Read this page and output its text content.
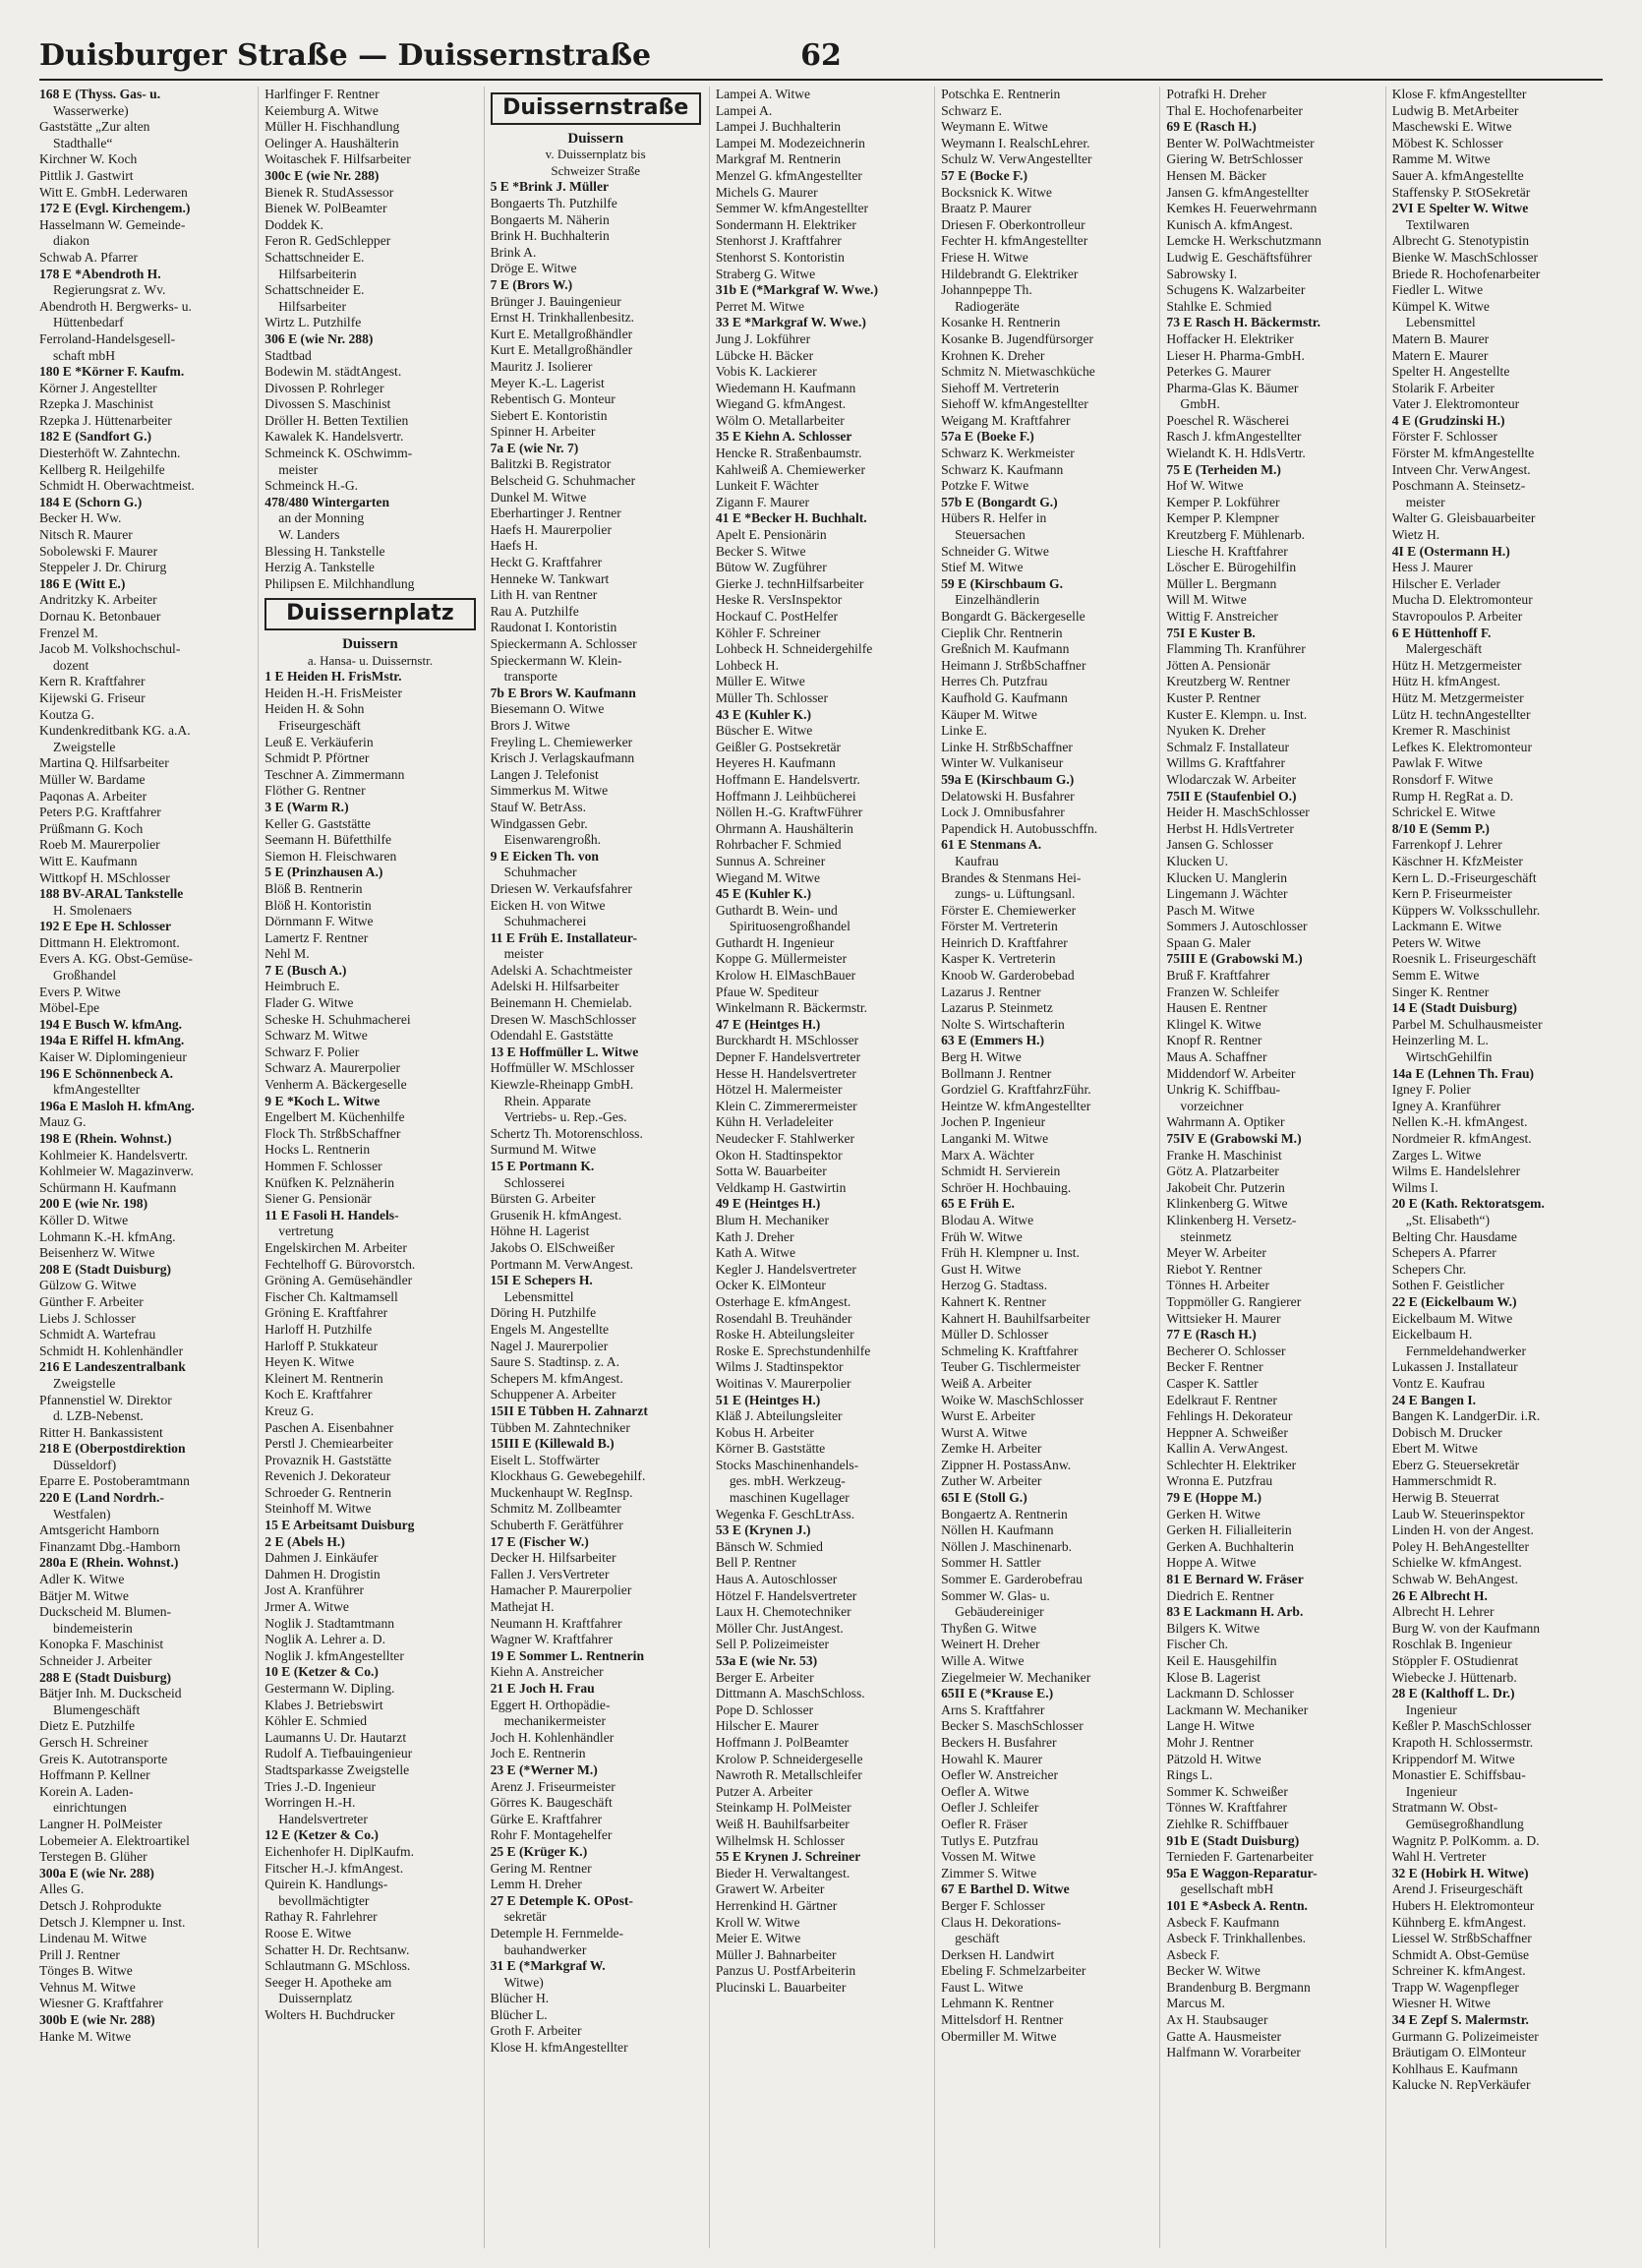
Duisburger Straße — Duissernstraße	62
168 E (Thyss. Gas- u.
Wasserwerke)
Gaststätte „Zur alten
Stadthalle“
Kirchner W. Koch
Pittlik J. Gastwirt
Witt E. GmbH. Lederwaren
172 E (Evgl. Kirchengem.)
Hasselmann W. Gemeinde-
diakon
Schwab A. Pfarrer
178 E *Abendroth H.
Regierungsrat z. Wv.
Abendroth H. Bergwerks- u.
Hüttenbedarf
Ferroland-Handelsgesell-
schaft mbH
180 E *Körner F. Kaufm.
Körner J. Angestellter
Rzepka J. Maschinist
Rzepka J. Hüttenarbeiter
182 E (Sandfort G.)
Diesterhöft W. Zahntechn.
Kellberg R. Heilgehilfe
Schmidt H. Oberwachtmeist.
184 E (Schorn G.)
Becker H. Ww.
Nitsch R. Maurer
Sobolewski F. Maurer
Steppeler J. Dr. Chirurg
186 E (Witt E.)
Andritzky K. Arbeiter
Dornau K. Betonbauer
Frenzel M.
Jacob M. Volkshochschul-
dozent
Kern R. Kraftfahrer
Kijewski G. Friseur
Koutza G.
Kundenkreditbank KG. a.A.
Zweigstelle
Martina Q. Hilfsarbeiter
Müller W. Bardame
Paqonas A. Arbeiter
Peters P.G. Kraftfahrer
Prüßmann G. Koch
Roeb M. Maurerpolier
Witt E. Kaufmann
Wittkopf H. MSchlosser
188 BV-ARAL Tankstelle
H. Smolenaers
192 E Epe H. Schlosser
Dittmann H. Elektromont.
Evers A. KG. Obst-Gemüse-
Großhandel
Evers P. Witwe
Möbel-Epe
194 E Busch W. kfmAng.
194a E Riffel H. kfmAng.
Kaiser W. Diplomingenieur
196 E Schönnenbeck A.
kfmAngestellter
196a E Masloh H. kfmAng.
Mauz G.
198 E (Rhein. Wohnst.)
Kohlmeier K. Handelsvertr.
Kohlmeier W. Magazinverw.
Schürmann H. Kaufmann
200 E (wie Nr. 198)
Köller D. Witwe
Lohmann K.-H. kfmAng.
Beisenherz W. Witwe
208 E (Stadt Duisburg)
Gülzow G. Witwe
Günther F. Arbeiter
Liebs J. Schlosser
Schmidt A. Wartefrau
Schmidt H. Kohlenhändler
216 E Landeszentralbank
Zweigstelle
Pfannenstiel W. Direktor
d. LZB-Nebenst.
Ritter H. Bankassistent
218 E (Oberpostdirektion
Düsseldorf)
Eparre E. Postoberamtmann
220 E (Land Nordrh.-
Westfalen)
Amtsgericht Hamborn
Finanzamt Dbg.-Hamborn
280a E (Rhein. Wohnst.)
Adler K. Witwe
Bätjer M. Witwe
Duckscheid M. Blumen-
bindemeisterin
Konopka F. Maschinist
Schneider J. Arbeiter
288 E (Stadt Duisburg)
Bätjer Inh. M. Duckscheid
Blumengeschäft
Dietz E. Putzhilfe
Gersch H. Schreiner
Greis K. Autotransporte
Hoffmann P. Kellner
Korein A. Laden-
einrichtungen
Langner H. PolMeister
Lobemeier A. Elektroartikel
Terstegen B. Glüher
300a E (wie Nr. 288)
Alles G.
Detsch J. Rohprodukte
Detsch J. Klempner u. Inst.
Lindenau M. Witwe
Prill J. Rentner
Tönges B. Witwe
Vehnus M. Witwe
Wiesner G. Kraftfahrer
300b E (wie Nr. 288)
Hanke M. Witwe
Harlfinger F. Rentner
Keiemburg A. Witwe
Müller H. Fischhandlung
Oelinger A. Haushälterin
Woitaschek F. Hilfsarbeiter
300c E (wie Nr. 288)
Bienek R. StudAssessor
Bienek W. PolBeamter
Doddek K.
Feron R. GedSchlepper
Schattschneider E.
Hilfsarbeiterin
Schattschneider E.
Hilfsarbeiter
Wirtz L. Putzhilfe
306 E (wie Nr. 288)
Stadtbad
Bodewin M. städtAngest.
Divossen P. Rohrleger
Divossen S. Maschinist
Dröller H. Betten Textilien
Kawalek K. Handelsvertr.
Schmeinck K. OSchwimm-
meister
Schmeinck H.-G.
478/480 Wintergarten
an der Monning
W. Landers
Blessing H. Tankstelle
Herzig A. Tankstelle
Philipsen E. Milchhandlung
Duissernplatz
Duissern
a. Hansa- u. Duissernstr.
1 E Heiden H. FrisMstr.
Heiden H.-H. FrisMeister
Heiden H. & Sohn
Friseurgeschäft
Leuß E. Verkäuferin
Schmidt P. Pförtner
Teschner A. Zimmermann
Flöther G. Rentner
3 E (Warm R.)
Keller G. Gaststätte
Seemann H. Büfetthilfe
Siemon H. Fleischwaren
5 E (Prinzhausen A.)
Blöß B. Rentnerin
Blöß H. Kontoristin
Dörnmann F. Witwe
Lamertz F. Rentner
Nehl M.
7 E (Busch A.)
Heimbruch E.
Flader G. Witwe
Scheske H. Schuhmacherei
Schwarz M. Witwe
Schwarz F. Polier
Schwarz A. Maurerpolier
Venherm A. Bäckergeselle
9 E *Koch L. Witwe
Engelbert M. Küchenhilfe
Flock Th. StrßbSchaffner
Hocks L. Rentnerin
Hommen F. Schlosser
Knüfken K. Pelznäherin
Siener G. Pensionär
11 E Fasoli H. Handels-
vertretung
Engelskirchen M. Arbeiter
Fechtelhoff G. Bürovorstch.
Gröning A. Gemüsehändler
Fischer Ch. Kaltmamsell
Gröning E. Kraftfahrer
Harloff H. Putzhilfe
Harloff P. Stukkateur
Heyen K. Witwe
Kleinert M. Rentnerin
Koch E. Kraftfahrer
Kreuz G.
Paschen A. Eisenbahner
Perstl J. Chemiearbeiter
Provaznik H. Gaststätte
Revenich J. Dekorateur
Schroeder G. Rentnerin
Steinhoff M. Witwe
15 E Arbeitsamt Duisburg
2 E (Abels H.)
Dahmen J. Einkäufer
Dahmen H. Drogistin
Jost A. Kranführer
Jrmer A. Witwe
Noglik J. Stadtamtmann
Noglik A. Lehrer a. D.
Noglik J. kfmAngestellter
10 E (Ketzer & Co.)
Gestermann W. Dipling.
Klabes J. Betriebswirt
Köhler E. Schmied
Laumanns U. Dr. Hautarzt
Rudolf A. Tiefbauingenieur
Stadtsparkasse Zweigstelle
Tries J.-D. Ingenieur
Worringen H.-H.
Handelsvertreter
12 E (Ketzer & Co.)
Eichenhofer H. DiplKaufm.
Fitscher H.-J. kfmAngest.
Quirein K. Handlungs-
bevollmächtigter
Rathay R. Fahrlehrer
Roose E. Witwe
Schatter H. Dr. Rechtsanw.
Schlautmann G. MSchloss.
Seeger H. Apotheke am
Duissernplatz
Wolters H. Buchdrucker
Duissernstraße
Duissern
v. Duissernplatz bis
Schweizer Straße
5 E *Brink J. Müller
Bongaerts Th. Putzhilfe
Bongaerts M. Näherin
Brink H. Buchhalterin
Brink A.
Dröge E. Witwe
7 E (Brors W.)
Brünger J. Bauingenieur
Ernst H. Trinkhallenbesitz.
Kurt E. Metallgroßhändler
Kurt E. Metallgroßhändler
Mauritz J. Isolierer
Meyer K.-L. Lagerist
Rebentisch G. Monteur
Siebert E. Kontoristin
Spinner H. Arbeiter
7a E (wie Nr. 7)
Balitzki B. Registrator
Belscheid G. Schuhmacher
Dunkel M. Witwe
Eberhartinger J. Rentner
Haefs H. Maurerpolier
Haefs H.
Heckt G. Kraftfahrer
Henneke W. Tankwart
Lith H. van Rentner
Rau A. Putzhilfe
Raudonat I. Kontoristin
Spieckermann A. Schlosser
Spieckermann W. Klein-
transporte
7b E Brors W. Kaufmann
Biesemann O. Witwe
Brors J. Witwe
Freyling L. Chemiewerker
Krisch J. Verlagskaufmann
Langen J. Telefonist
Simmerkus M. Witwe
Stauf W. BetrAss.
Windgassen Gebr.
Eisenwarengroßh.
9 E Eicken Th. von
Schuhmacher
Driesen W. Verkaufsfahrer
Eicken H. von Witwe
Schuhmacherei
11 E Früh E. Installateur-
meister
Adelski A. Schachtmeister
Adelski H. Hilfsarbeiter
Beinemann H. Chemielab.
Dresen W. MaschSchlosser
Odendahl E. Gaststätte
13 E Hoffmüller L. Witwe
Hoffmüller W. MSchlosser
Kiewzle-Rheinapp GmbH.
Rhein. Apparate
Vertriebs- u. Rep.-Ges.
Schertz Th. Motorenschloss.
Surmund M. Witwe
15 E Portmann K.
Schlosserei
Bürsten G. Arbeiter
Grusenik H. kfmAngest.
Höhne H. Lagerist
Jakobs O. ElSchweißer
Portmann M. VerwAngest.
15I E Schepers H.
Lebensmittel
Döring H. Putzhilfe
Engels M. Angestellte
Nagel J. Maurerpolier
Saure S. Stadtinsp. z. A.
Schepers M. kfmAngest.
Schuppener A. Arbeiter
15II E Tübben H. Zahnarzt
Tübben M. Zahntechniker
15III E (Killewald B.)
Eiselt L. Stoffwärter
Klockhaus G. Gewebegehilf.
Muckenhaupt W. RegInsp.
Schmitz M. Zollbeamter
Schuberth F. Gerätführer
17 E (Fischer W.)
Decker H. Hilfsarbeiter
Fallen J. VersVertreter
Hamacher P. Maurerpolier
Mathejat H.
Neumann H. Kraftfahrer
Wagner W. Kraftfahrer
19 E Sommer L. Rentnerin
Kiehn A. Anstreicher
21 E Joch H. Frau
Eggert H. Orthopädie-
mechanikermeister
Joch H. Kohlenhändler
Joch E. Rentnerin
23 E (*Werner M.)
Arenz J. Friseurmeister
Görres K. Baugeschäft
Gürke E. Kraftfahrer
Rohr F. Montagehelfer
25 E (Krüger K.)
Gering M. Rentner
Lemm H. Dreher
27 E Detemple K. OPost-
sekretär
Detemple H. Fernmelde-
bauhandwerker
31 E (*Markgraf W.
Witwe)
Blücher H.
Blücher L.
Groth F. Arbeiter
Klose H. kfmAngestellter
Lampei A. Witwe
Lampei A.
Lampei J. Buchhalterin
Lampei M. Modezeichnerin
Markgraf M. Rentnerin
Menzel G. kfmAngestellter
Michels G. Maurer
Semmer W. kfmAngestellter
Sondermann H. Elektriker
Stenhorst J. Kraftfahrer
Stenhorst S. Kontoristin
Straberg G. Witwe
31b E (*Markgraf W. Wwe.)
Perret M. Witwe
33 E *Markgraf W. Wwe.)
Jung J. Lokführer
Lübcke H. Bäcker
Vobis K. Lackierer
Wiedemann H. Kaufmann
Wiegand G. kfmAngest.
Wölm O. Metallarbeiter
35 E Kiehn A. Schlosser
Hencke R. Straßenbaumstr.
Kahlweiß A. Chemiewerker
Lunkeit F. Wächter
Zigann F. Maurer
41 E *Becker H. Buchhalt.
Apelt E. Pensionärin
Becker S. Witwe
Bütow W. Zugführer
Gierke J. technHilfsarbeiter
Heske R. VersInspektor
Hockauf C. PostHelfer
Köhler F. Schreiner
Lohbeck H. Schneidergehilfe
Lohbeck H.
Müller E. Witwe
Müller Th. Schlosser
43 E (Kuhler K.)
Büscher E. Witwe
Geißler G. Postsekretär
Heyeres H. Kaufmann
Hoffmann E. Handelsvertr.
Hoffmann J. Leihbücherei
Nöllen H.-G. KraftwFührer
Ohrmann A. Haushälterin
Rohrbacher F. Schmied
Sunnus A. Schreiner
Wiegand M. Witwe
45 E (Kuhler K.)
Guthardt B. Wein- und
Spirituosengroßhandel
Guthardt H. Ingenieur
Koppe G. Müllermeister
Krolow H. ElMaschBauer
Pfaue W. Spediteur
Winkelmann R. Bäckermstr.
47 E (Heintges H.)
Burckhardt H. MSchlosser
Depner F. Handelsvertreter
Hesse H. Handelsvertreter
Hötzel H. Malermeister
Klein C. Zimmerermeister
Kühn H. Verladeleiter
Neudecker F. Stahlwerker
Okon H. Stadtinspektor
Sotta W. Bauarbeiter
Veldkamp H. Gastwirtin
49 E (Heintges H.)
Blum H. Mechaniker
Kath J. Dreher
Kath A. Witwe
Kegler J. Handelsvertreter
Ocker K. ElMonteur
Osterhage E. kfmAngest.
Rosendahl B. Treuhänder
Roske H. Abteilungsleiter
Roske E. Sprechstundenhilfe
Wilms J. Stadtinspektor
Woitinas V. Maurerpolier
51 E (Heintges H.)
Kläß J. Abteilungsleiter
Kobus H. Arbeiter
Körner B. Gaststätte
Stocks Maschinenhandels-
ges. mbH. Werkzeug-
maschinen Kugellager
Wegenka F. GeschLtrAss.
53 E (Krynen J.)
Bänsch W. Schmied
Bell P. Rentner
Haus A. Autoschlosser
Hötzel F. Handelsvertreter
Laux H. Chemotechniker
Möller Chr. JustAngest.
Sell P. Polizeimeister
53a E (wie Nr. 53)
Berger E. Arbeiter
Dittmann A. MaschSchloss.
Pope D. Schlosser
Hilscher E. Maurer
Hoffmann J. PolBeamter
Krolow P. Schneidergeselle
Nawroth R. Metallschleifer
Putzer A. Arbeiter
Steinkamp H. PolMeister
Weiß H. Bauhilfsarbeiter
Wilhelmsk H. Schlosser
55 E Krynen J. Schreiner
Bieder H. Verwaltangest.
Grawert W. Arbeiter
Herrenkind H. Gärtner
Kroll W. Witwe
Meier E. Witwe
Müller J. Bahnarbeiter
Panzus U. PostfArbeiterin
Plucinski L. Bauarbeiter
Potschka E. Rentnerin
Schwarz E.
Weymann E. Witwe
Weymann I. RealschLehrer.
Schulz W. VerwAngestellter
57 E (Bocke F.)
Bocksnick K. Witwe
Braatz P. Maurer
Driesen F. Oberkontrolleur
Fechter H. kfmAngestellter
Friese H. Witwe
Hildebrandt G. Elektriker
Johannpeppe Th.
Radiogeräte
Kosanke H. Rentnerin
Kosanke B. Jugendfürsorger
Krohnen K. Dreher
Schmitz N. Mietwaschküche
Siehoff M. Vertreterin
Siehoff W. kfmAngestellter
Weigang M. Kraftfahrer
57a E (Boeke F.)
Schwarz K. Werkmeister
Schwarz K. Kaufmann
Potzke F. Witwe
57b E (Bongardt G.)
Hübers R. Helfer in
Steuersachen
Schneider G. Witwe
Stief M. Witwe
59 E (Kirschbaum G.
Einzelhändlerin
Bongardt G. Bäckergeselle
Cieplik Chr. Rentnerin
Greßnich M. Kaufmann
Heimann J. StrßbSchaffner
Herres Ch. Putzfrau
Kaufhold G. Kaufmann
Käuper M. Witwe
Linke E.
Linke H. StrßbSchaffner
Winter W. Vulkaniseur
59a E (Kirschbaum G.)
Delatowski H. Busfahrer
Lock J. Omnibusfahrer
Papendick H. Autobusschffn.
61 E Stenmans A.
Kaufrau
Brandes & Stenmans Hei-
zungs- u. Lüftungsanl.
Förster E. Chemiewerker
Förster M. Vertreterin
Heinrich D. Kraftfahrer
Kasper K. Vertreterin
Knoob W. Garderobebad
Lazarus J. Rentner
Lazarus P. Steinmetz
Nolte S. Wirtschafterin
63 E (Emmers H.)
Berg H. Witwe
Bollmann J. Rentner
Gordziel G. KraftfahrzFühr.
Heintze W. kfmAngestellter
Jochen P. Ingenieur
Langanki M. Witwe
Marx A. Wächter
Schmidt H. Servierein
Schröer H. Hochbauing.
65 E Früh E.
Blodau A. Witwe
Früh W. Witwe
Früh H. Klempner u. Inst.
Gust H. Witwe
Herzog G. Stadtass.
Kahnert K. Rentner
Kahnert H. Bauhilfsarbeiter
Müller D. Schlosser
Schmeling K. Kraftfahrer
Teuber G. Tischlermeister
Weiß A. Arbeiter
Woike W. MaschSchlosser
Wurst E. Arbeiter
Wurst A. Witwe
Zemke H. Arbeiter
Zippner H. PostassAnw.
Zuther W. Arbeiter
65I E (Stoll G.)
Bongaertz A. Rentnerin
Nöllen H. Kaufmann
Nöllen J. Maschinenarb.
Sommer H. Sattler
Sommer E. Garderobefrau
Sommer W. Glas- u.
Gebäudereiniger
Thyßen G. Witwe
Weinert H. Dreher
Wille A. Witwe
Ziegelmeier W. Mechaniker
65II E (*Krause E.)
Arns S. Kraftfahrer
Becker S. MaschSchlosser
Beckers H. Busfahrer
Howahl K. Maurer
Oefler W. Anstreicher
Oefler A. Witwe
Oefler J. Schleifer
Oefler R. Fräser
Tutlys E. Putzfrau
Vossen M. Witwe
Zimmer S. Witwe
67 E Barthel D. Witwe
Berger F. Schlosser
Claus H. Dekorations-
geschäft
Derksen H. Landwirt
Ebeling F. Schmelzarbeiter
Faust L. Witwe
Lehmann K. Rentner
Mittelsdorf H. Rentner
Obermiller M. Witwe
Potrafki H. Dreher
Thal E. Hochofenarbeiter
69 E (Rasch H.)
Benter W. PolWachtmeister
Giering W. BetrSchlosser
Hensen M. Bäcker
Jansen G. kfmAngestellter
Kemkes H. Feuerwehrmann
Kunisch A. kfmAngest.
Lemcke H. Werkschutzmann
Ludwig E. Geschäftsführer
Sabrowsky I.
Schugens K. Walzarbeiter
Stahlke E. Schmied
73 E Rasch H. Bäckermstr.
Hoffacker H. Elektriker
Lieser H. Pharma-GmbH.
Peterkes G. Maurer
Pharma-Glas K. Bäumer
GmbH.
Poeschel R. Wäscherei
Rasch J. kfmAngestellter
Wielandt K. H. HdlsVertr.
75 E (Terheiden M.)
Hof W. Witwe
Kemper P. Lokführer
Kemper P. Klempner
Kreutzberg F. Mühlenarb.
Liesche H. Kraftfahrer
Löscher E. Bürogehilfin
Müller L. Bergmann
Will M. Witwe
Wittig F. Anstreicher
75I E Kuster B.
Flamming Th. Kranführer
Jötten A. Pensionär
Kreutzberg W. Rentner
Kuster P. Rentner
Kuster E. Klempn. u. Inst.
Nyuken K. Dreher
Schmalz F. Installateur
Willms G. Kraftfahrer
Wlodarczak W. Arbeiter
75II E (Staufenbiel O.)
Heider H. MaschSchlosser
Herbst H. HdlsVertreter
Jansen G. Schlosser
Klucken U.
Klucken U. Manglerin
Lingemann J. Wächter
Pasch M. Witwe
Sommers J. Autoschlosser
Spaan G. Maler
75III E (Grabowski M.)
Bruß F. Kraftfahrer
Franzen W. Schleifer
Hausen E. Rentner
Klingel K. Witwe
Knopf R. Rentner
Maus A. Schaffner
Middendorf W. Arbeiter
Unkrig K. Schiffbau-
vorzeichner
Wahrmann A. Optiker
75IV E (Grabowski M.)
Franke H. Maschinist
Götz A. Platzarbeiter
Jakobeit Chr. Putzerin
Klinkenberg G. Witwe
Klinkenberg H. Versetz-
steinmetz
Meyer W. Arbeiter
Riebot Y. Rentner
Tönnes H. Arbeiter
Toppmöller G. Rangierer
Wittsieker H. Maurer
77 E (Rasch H.)
Becherer O. Schlosser
Becker F. Rentner
Casper K. Sattler
Edelkraut F. Rentner
Fehlings H. Dekorateur
Heppner A. Schweißer
Kallin A. VerwAngest.
Schlechter H. Elektriker
Wronna E. Putzfrau
79 E (Hoppe M.)
Gerken H. Witwe
Gerken H. Filialleiterin
Gerken A. Buchhalterin
Hoppe A. Witwe
81 E Bernard W. Fräser
Diedrich E. Rentner
83 E Lackmann H. Arb.
Bilgers K. Witwe
Fischer Ch.
Keil E. Hausgehilfin
Klose B. Lagerist
Lackmann D. Schlosser
Lackmann W. Mechaniker
Lange H. Witwe
Mohr J. Rentner
Pätzold H. Witwe
Rings L.
Sommer K. Schweißer
Tönnes W. Kraftfahrer
Ziehlke R. Schiffbauer
91b E (Stadt Duisburg)
Ternieden F. Gartenarbeiter
95a E Waggon-Reparatur-
gesellschaft mbH
101 E *Asbeck A. Rentn.
Asbeck F. Kaufmann
Asbeck F. Trinkhallenbes.
Asbeck F.
Becker W. Witwe
Brandenburg B. Bergmann
Marcus M.
Ax H. Staubsauger
Gatte A. Hausmeister
Halfmann W. Vorarbeiter
Klose F. kfmAngestellter
Ludwig B. MetArbeiter
Maschewski E. Witwe
Möbest K. Schlosser
Ramme M. Witwe
Sauer A. kfmAngestellte
Staffensky P. StOSekretär
2VI E Spelter W. Witwe
Textilwaren
Albrecht G. Stenotypistin
Bienke W. MaschSchlosser
Briede R. Hochofenarbeiter
Fiedler L. Witwe
Kümpel K. Witwe
Lebensmittel
Matern B. Maurer
Matern E. Maurer
Spelter H. Angestellte
Stolarik F. Arbeiter
Vater J. Elektromonteur
4 E (Grudzinski H.)
Förster F. Schlosser
Förster M. kfmAngestellte
Intveen Chr. VerwAngest.
Poschmann A. Steinsetz-
meister
Walter G. Gleisbauarbeiter
Wietz H.
4I E (Ostermann H.)
Hess J. Maurer
Hilscher E. Verlader
Mucha D. Elektromonteur
Stavropoulos P. Arbeiter
6 E Hüttenhoff F.
Malergeschäft
Hütz H. Metzgermeister
Hütz H. kfmAngest.
Hütz M. Metzgermeister
Lütz H. technAngestellter
Kremer R. Maschinist
Lefkes K. Elektromonteur
Pawlak F. Witwe
Ronsdorf F. Witwe
Rump H. RegRat a. D.
Schrickel E. Witwe
8/10 E (Semm P.)
Farrenkopf J. Lehrer
Käschner H. KfzMeister
Kern L. D.-Friseurgeschäft
Kern P. Friseurmeister
Küppers W. Volksschullehr.
Lackmann E. Witwe
Peters W. Witwe
Roesnik L. Friseurgeschäft
Semm E. Witwe
Singer K. Rentner
14 E (Stadt Duisburg)
Parbel M. Schulhausmeister
Heinzerling M. L.
WirtschGehilfin
14a E (Lehnen Th. Frau)
Igney F. Polier
Igney A. Kranführer
Nellen K.-H. kfmAngest.
Nordmeier R. kfmAngest.
Zarges L. Witwe
Wilms E. Handelslehrer
Wilms I.
20 E (Kath. Rektoratsgem.
„St. Elisabeth“)
Belting Chr. Hausdame
Schepers A. Pfarrer
Schepers Chr.
Sothen F. Geistlicher
22 E (Eickelbaum W.)
Eickelbaum M. Witwe
Eickelbaum H.
Fernmeldehandwerker
Lukassen J. Installateur
Vontz E. Kaufrau
24 E Bangen I.
Bangen K. LandgerDir. i.R.
Dobisch M. Drucker
Ebert M. Witwe
Eberz G. Steuersekretär
Hammerschmidt R.
Herwig B. Steuerrat
Laub W. Steuerinspektor
Linden H. von der Angest.
Poley H. BehAngestellter
Schielke W. kfmAngest.
Schwab W. BehAngest.
26 E Albrecht H.
Albrecht H. Lehrer
Burg W. von der Kaufmann
Roschlak B. Ingenieur
Stöppler F. OStudienrat
Wiebecke J. Hüttenarb.
28 E (Kalthoff L. Dr.)
Ingenieur
Keßler P. MaschSchlosser
Krapoth H. Schlossermstr.
Krippendorf M. Witwe
Monastier E. Schiffsbau-
Ingenieur
Stratmann W. Obst-
Gemüsegroßhandlung
Wagnitz P. PolKomm. a. D.
Wahl H. Vertreter
32 E (Hobirk H. Witwe)
Arend J. Friseurgeschäft
Hubers H. Elektromonteur
Kühnberg E. kfmAngest.
Liessel W. StrßbSchaffner
Schmidt A. Obst-Gemüse
Schreiner K. kfmAngest.
Trapp W. Wagenpfleger
Wiesner H. Witwe
34 E Zepf S. Malermstr.
Gurmann G. Polizeimeister
Bräutigam O. ElMonteur
Kohlhaus E. Kaufmann
Kalucke N. RepVerkäufer
